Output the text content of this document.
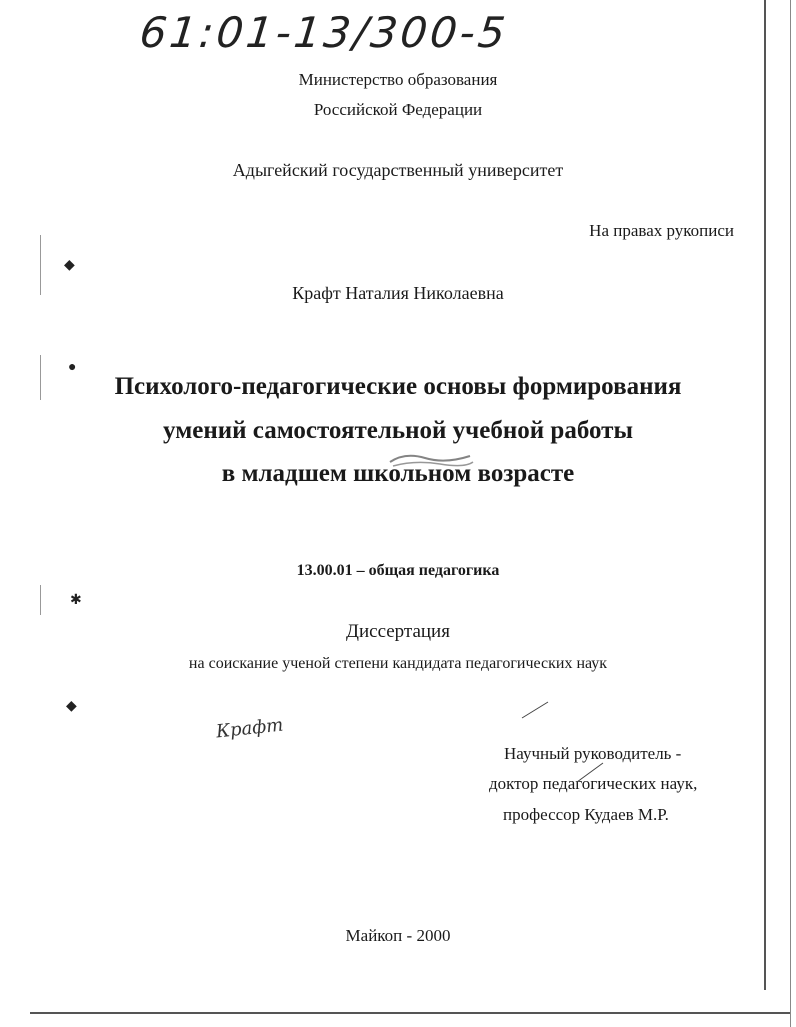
◆
●
✱
◆
61:01-13/300-5
Министерство образования
Российской Федерации
Адыгейский государственный университет
На правах рукописи
Крафт Наталия Николаевна
Психолого-педагогические основы формирования
умений самостоятельной учебной работы
в младшем школьном возрасте
13.00.01 – общая педагогика
Диссертация
на соискание ученой степени кандидата педагогических наук
Крафт
Научный руководитель -
доктор педагогических наук,
профессор Кудаев М.Р.
Майкоп - 2000
